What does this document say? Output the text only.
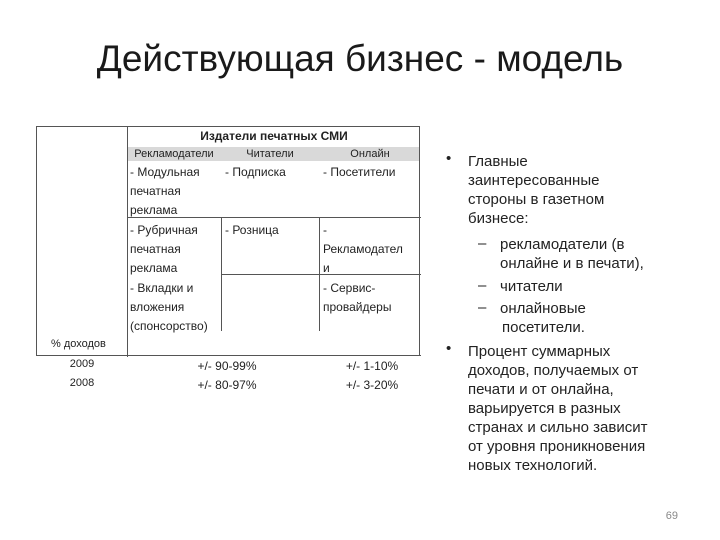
Действующая бизнес - модель
Издатели печатных СМИ
Рекламодатели	Читатели	Онлайн
- Модульная
печатная
реклама
- Рубричная
печатная
реклама
- Вкладки и
вложения
(спонсорство)
- Подписка
- Розница
- Посетители
-
Рекламодател
и
- Сервис-
провайдеры
% доходов
2009
2008
+/- 90-99%
+/- 80-97%
+/- 1-10%
+/- 3-20%
• Главные
заинтересованные
стороны в газетном
бизнесе:
– рекламодатели (в
онлайне и в печати),
– читатели
– онлайновые
посетители.
• Процент суммарных
доходов, получаемых от
печати и от онлайна,
варьируется в разных
странах и сильно зависит
от уровня проникновения
новых технологий.
69
